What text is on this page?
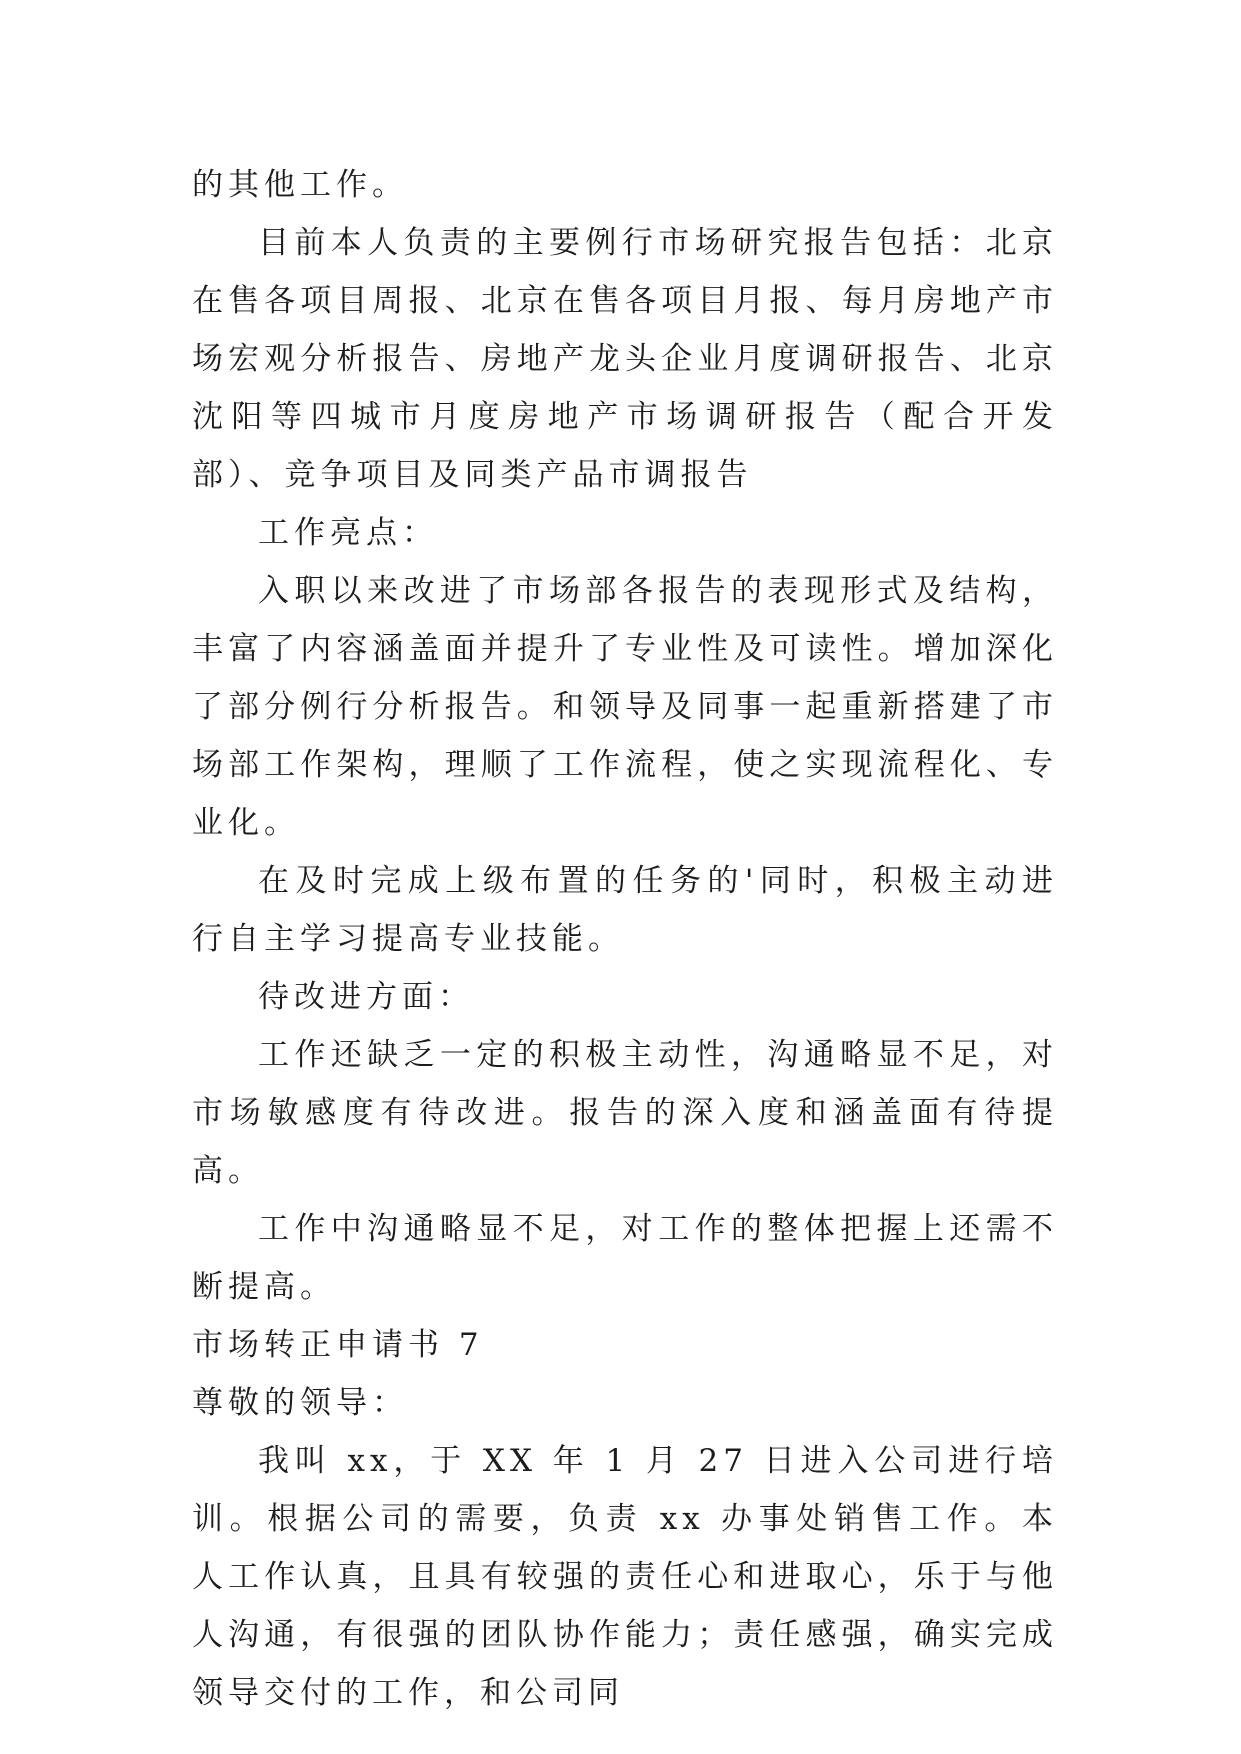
的其他工作。

目前本人负责的主要例行市场研究报告包括：北京在售各项目周报、北京在售各项目月报、每月房地产市场宏观分析报告、房地产龙头企业月度调研报告、北京沈阳等四城市月度房地产市场调研报告（配合开发部）、竞争项目及同类产品市调报告

工作亮点：

入职以来改进了市场部各报告的表现形式及结构，丰富了内容涵盖面并提升了专业性及可读性。增加深化了部分例行分析报告。和领导及同事一起重新搭建了市场部工作架构，理顺了工作流程，使之实现流程化、专业化。

在及时完成上级布置的任务的'同时，积极主动进行自主学习提高专业技能。

待改进方面：

工作还缺乏一定的积极主动性，沟通略显不足，对市场敏感度有待改进。报告的深入度和涵盖面有待提高。

工作中沟通略显不足，对工作的整体把握上还需不断提高。

市场转正申请书 7

尊敬的领导：

我叫 xx，于 XX 年 1 月 27 日进入公司进行培训。根据公司的需要，负责 xx 办事处销售工作。本人工作认真，且具有较强的责任心和进取心，乐于与他人沟通，有很强的团队协作能力；责任感强，确实完成领导交付的工作，和公司同
